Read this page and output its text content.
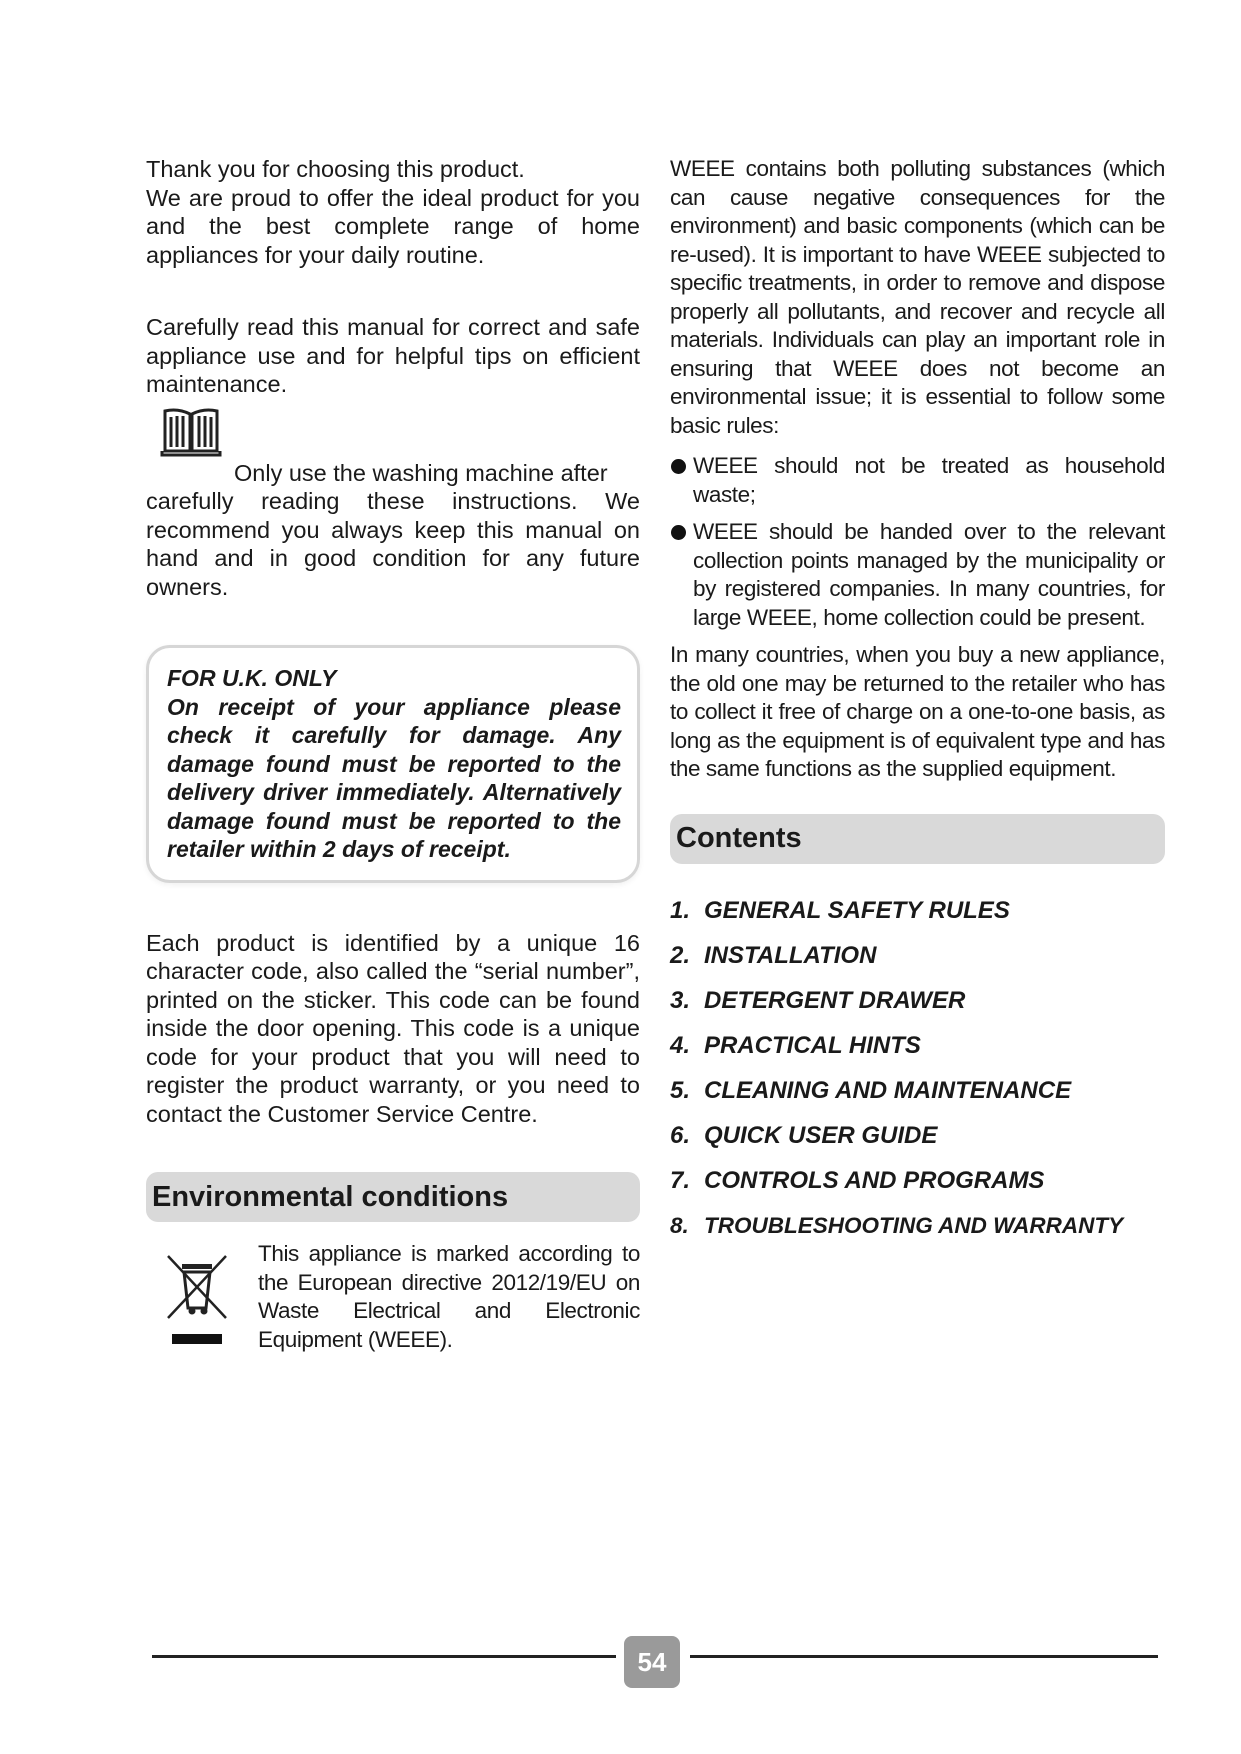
Thank you for choosing this product.

We are proud to offer the ideal product for you and the best complete range of home appliances for your daily routine.

Carefully read this manual for correct and safe appliance use and for helpful tips on efficient maintenance.

Only use the washing machine after
carefully reading these instructions. We recommend you always keep this manual on hand and in good condition for any future owners.

FOR U.K. ONLY

On receipt of your appliance please check it carefully for damage. Any damage found must be reported to the delivery driver immediately. Alternatively damage found must be reported to the retailer within 2 days of receipt.

Each product is identified by a unique 16 character code, also called the “serial number”, printed on the sticker. This code can be found inside the door opening. This code is a unique code for your product that you will need to register the product warranty, or you need to contact the Customer Service Centre.

Environmental conditions

This appliance is marked according to the European directive 2012/19/EU on Waste Electrical and Electronic Equipment (WEEE).

WEEE contains both polluting substances (which can cause negative consequences for the environment) and basic components (which can be re-used). It is important to have WEEE subjected to specific treatments, in order to remove and dispose properly all pollutants, and recover and recycle all materials. Individuals can play an important role in ensuring that WEEE does not become an environmental issue; it is essential to follow some basic rules:

WEEE should not be treated as household waste;
WEEE should be handed over to the relevant collection points managed by the municipality or by registered companies. In many countries, for large WEEE, home collection could be present.

In many countries, when you buy a new appliance, the old one may be returned to the retailer who has to collect it free of charge on a one-to-one basis, as long as the equipment is of equivalent type and has the same functions as the supplied equipment.

Contents
1. GENERAL SAFETY RULES
2. INSTALLATION
3. DETERGENT DRAWER
4. PRACTICAL HINTS
5. CLEANING AND MAINTENANCE
6. QUICK USER GUIDE
7. CONTROLS AND PROGRAMS
8. TROUBLESHOOTING AND WARRANTY
54
